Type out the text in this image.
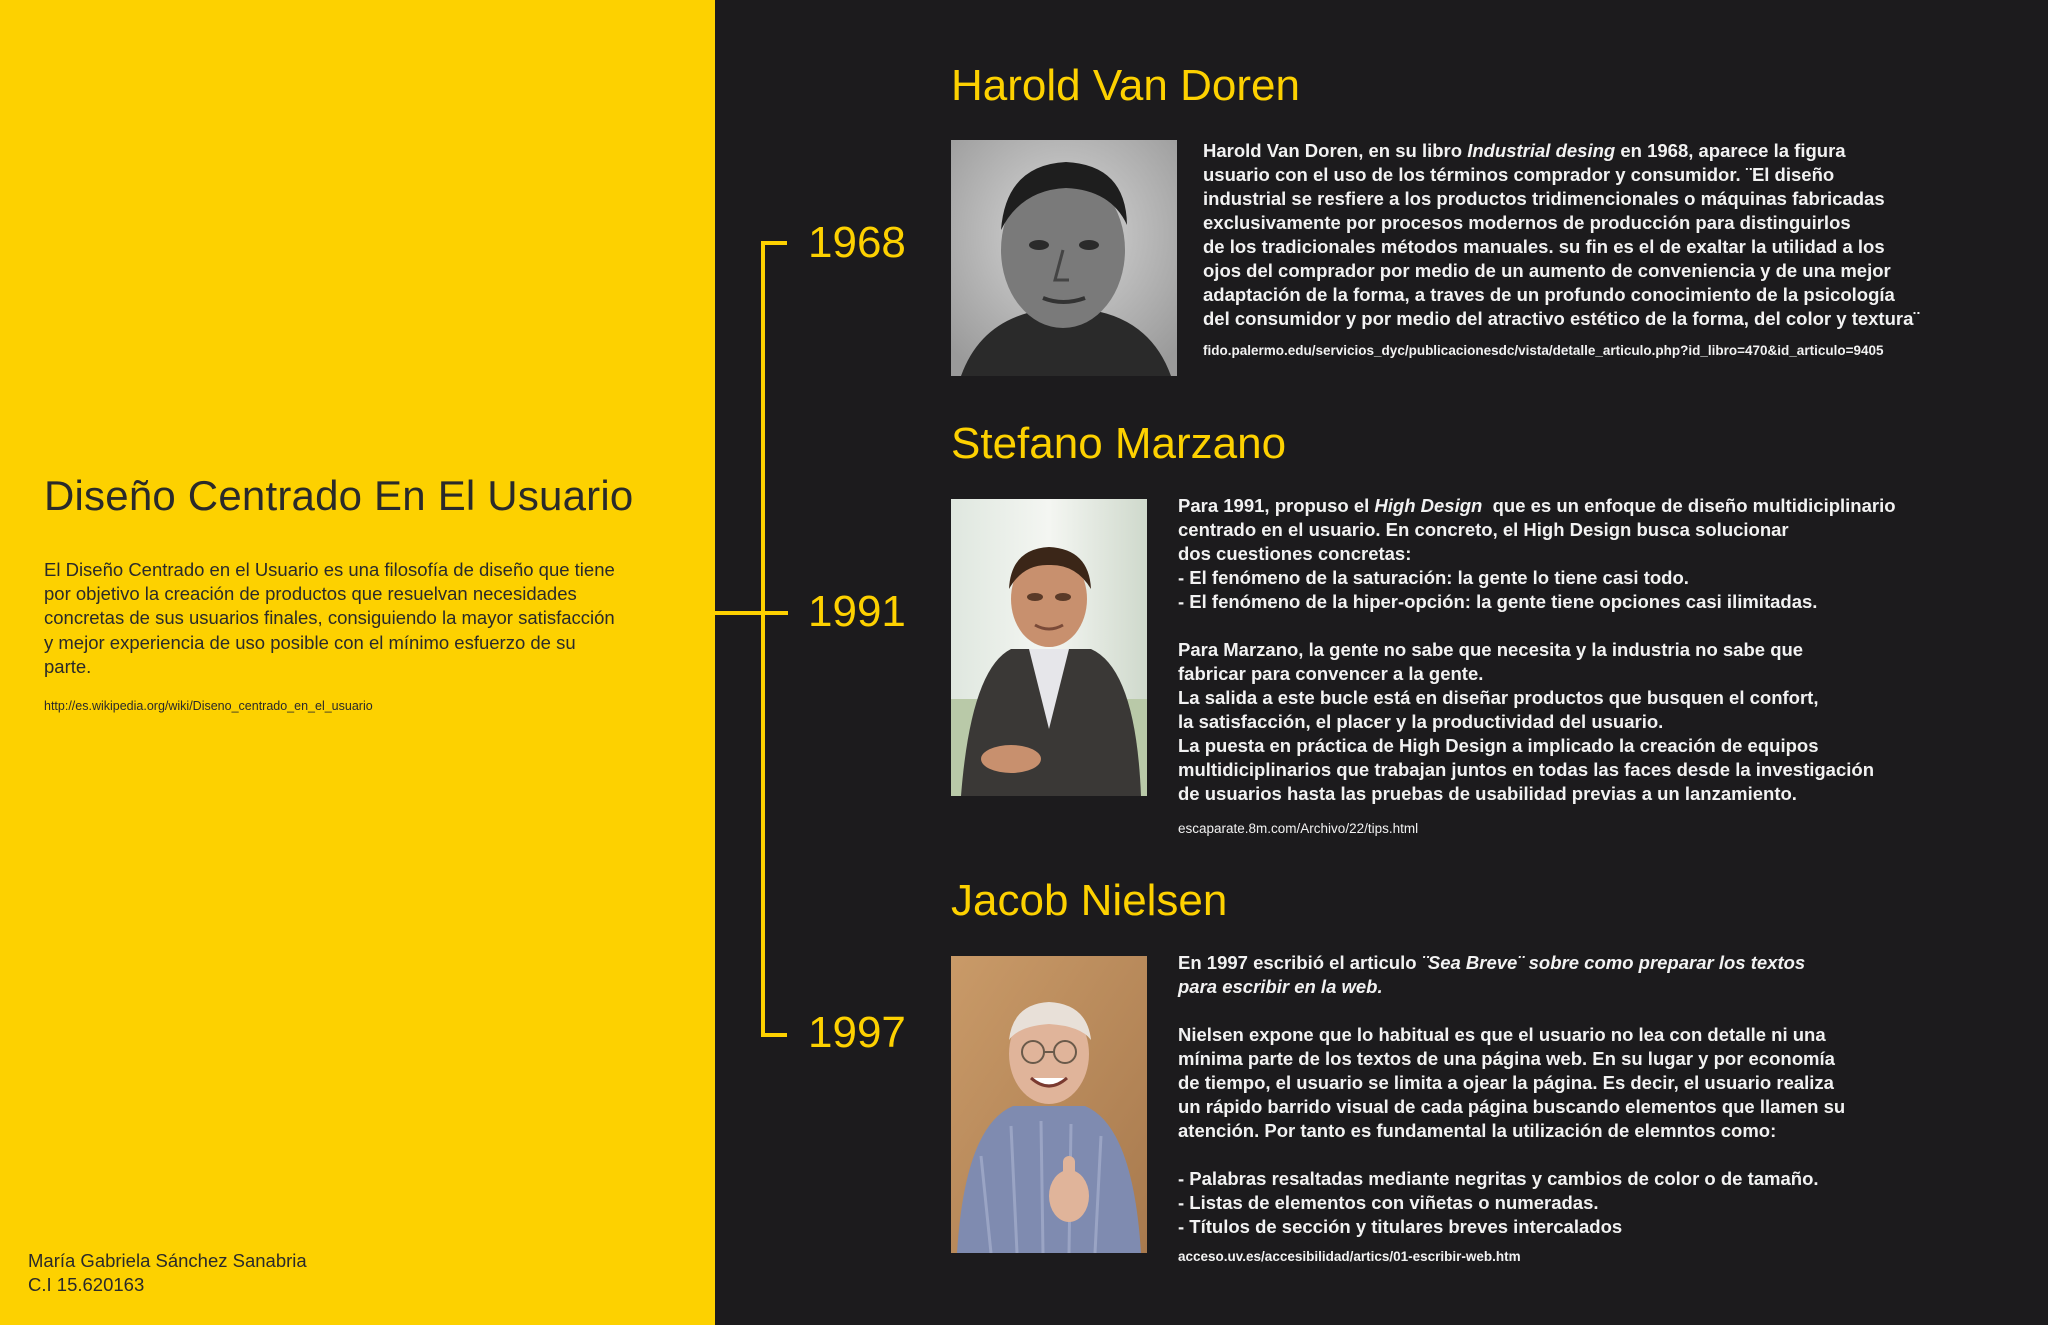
Diseño Centrado En El Usuario

El Diseño Centrado en el Usuario es una filosofía de diseño que tiene por objetivo la creación de productos que resuelvan necesidades concretas de sus usuarios finales, consiguiendo la mayor satisfacción y mejor experiencia de uso posible con el mínimo esfuerzo de su parte.

http://es.wikipedia.org/wiki/Diseno_centrado_en_el_usuario

María Gabriela Sánchez Sanabria
C.I 15.620163

1968

1991

1997

Harold Van Doren

Harold Van Doren, en su libro Industrial desing en 1968, aparece la figura
usuario con el uso de los términos comprador y consumidor. ¨El diseño
industrial se resfiere a los productos tridimencionales o máquinas fabricadas
exclusivamente por procesos modernos de producción para distinguirlos
de los tradicionales métodos manuales. su fin es el de exaltar la utilidad a los
ojos del comprador por medio de un aumento de conveniencia y de una mejor
adaptación de la forma, a traves de un profundo conocimiento de la psicología
del consumidor y por medio del atractivo estético de la forma, del color y textura¨

fido.palermo.edu/servicios_dyc/publicacionesdc/vista/detalle_articulo.php?id_libro=470&id_articulo=9405

Stefano Marzano

Para 1991, propuso el High Design  que es un enfoque de diseño multidiciplinario
centrado en el usuario. En concreto, el High Design busca solucionar
dos cuestiones concretas:
- El fenómeno de la saturación: la gente lo tiene casi todo.
- El fenómeno de la hiper-opción: la gente tiene opciones casi ilimitadas.

Para Marzano, la gente no sabe que necesita y la industria no sabe que
fabricar para convencer a la gente.
La salida a este bucle está en diseñar productos que busquen el confort,
la satisfacción, el placer y la productividad del usuario.
La puesta en práctica de High Design a implicado la creación de equipos
multidiciplinarios que trabajan juntos en todas las faces desde la investigación
de usuarios hasta las pruebas de usabilidad previas a un lanzamiento.

escaparate.8m.com/Archivo/22/tips.html

Jacob Nielsen

En 1997 escribió el articulo ¨Sea Breve¨ sobre como preparar los textos
para escribir en la web.

Nielsen expone que lo habitual es que el usuario no lea con detalle ni una
mínima parte de los textos de una página web. En su lugar y por economía
de tiempo, el usuario se limita a ojear la página. Es decir, el usuario realiza
un rápido barrido visual de cada página buscando elementos que llamen su
atención. Por tanto es fundamental la utilización de elemntos como:

- Palabras resaltadas mediante negritas y cambios de color o de tamaño.
- Listas de elementos con viñetas o numeradas.
- Títulos de sección y titulares breves intercalados

acceso.uv.es/accesibilidad/artics/01-escribir-web.htm
